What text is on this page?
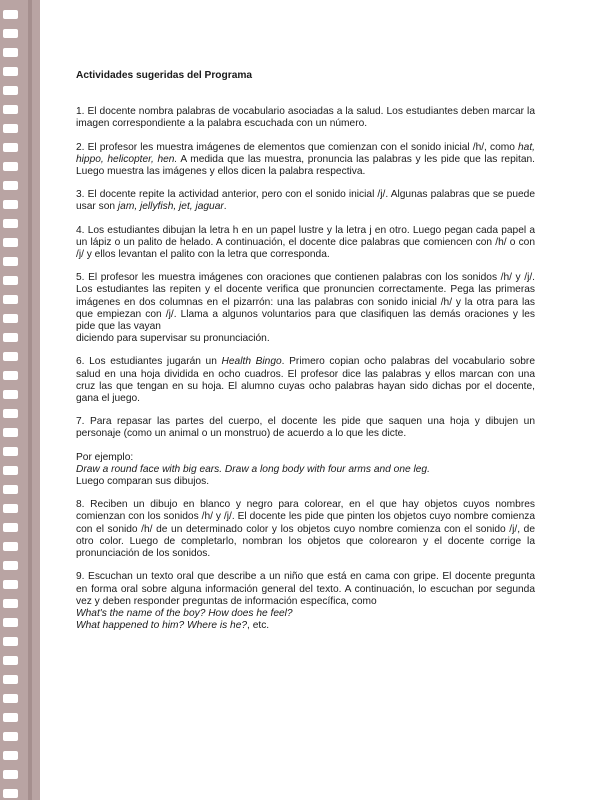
Actividades sugeridas del Programa

1. El docente nombra palabras de vocabulario asociadas a la salud. Los estudiantes deben marcar la imagen correspondiente a la palabra escuchada con un número.

2. El profesor les muestra imágenes de elementos que comienzan con el sonido inicial /h/, como hat, hippo, helicopter, hen. A medida que las muestra, pronuncia las palabras y les pide que las repitan. Luego muestra las imágenes y ellos dicen la palabra respectiva.

3. El docente repite la actividad anterior, pero con el sonido inicial /j/. Algunas palabras que se puede usar son jam, jellyfish, jet, jaguar.

4. Los estudiantes dibujan la letra h en un papel lustre y la letra j en otro. Luego pegan cada papel a un lápiz o un palito de helado. A continuación, el docente dice palabras que comiencen con /h/ o con /j/ y ellos levantan el palito con la letra que corresponda.

5. El profesor les muestra imágenes con oraciones que contienen palabras con los sonidos /h/ y /j/. Los estudiantes las repiten y el docente verifica que pronuncien correctamente. Pega las primeras imágenes en dos columnas en el pizarrón: una las palabras con sonido inicial /h/ y la otra para las que empiezan con /j/. Llama a algunos voluntarios para que clasifiquen las demás oraciones y les pide que las vayan
diciendo para supervisar su pronunciación.

6. Los estudiantes jugarán un Health Bingo. Primero copian ocho palabras del vocabulario sobre salud en una hoja dividida en ocho cuadros. El profesor dice las palabras y ellos marcan con una cruz las que tengan en su hoja. El alumno cuyas ocho palabras hayan sido dichas por el docente, gana el juego.

7. Para repasar las partes del cuerpo, el docente les pide que saquen una hoja y dibujen un personaje (como un animal o un monstruo) de acuerdo a lo que les dicte.

Por ejemplo:
Draw a round face with big ears. Draw a long body with four arms and one leg.
Luego comparan sus dibujos.

8. Reciben un dibujo en blanco y negro para colorear, en el que hay objetos cuyos nombres comienzan con los sonidos /h/ y /j/. El docente les pide que pinten los objetos cuyo nombre comienza con el sonido /h/ de un determinado color y los objetos cuyo nombre comienza con el sonido /j/, de otro color. Luego de completarlo, nombran los objetos que colorearon y el docente corrige la pronunciación de los sonidos.

9. Escuchan un texto oral que describe a un niño que está en cama con gripe. El docente pregunta en forma oral sobre alguna información general del texto. A continuación, lo escuchan por segunda vez y deben responder preguntas de información específica, como
What's the name of the boy? How does he feel?
What happened to him? Where is he?, etc.
